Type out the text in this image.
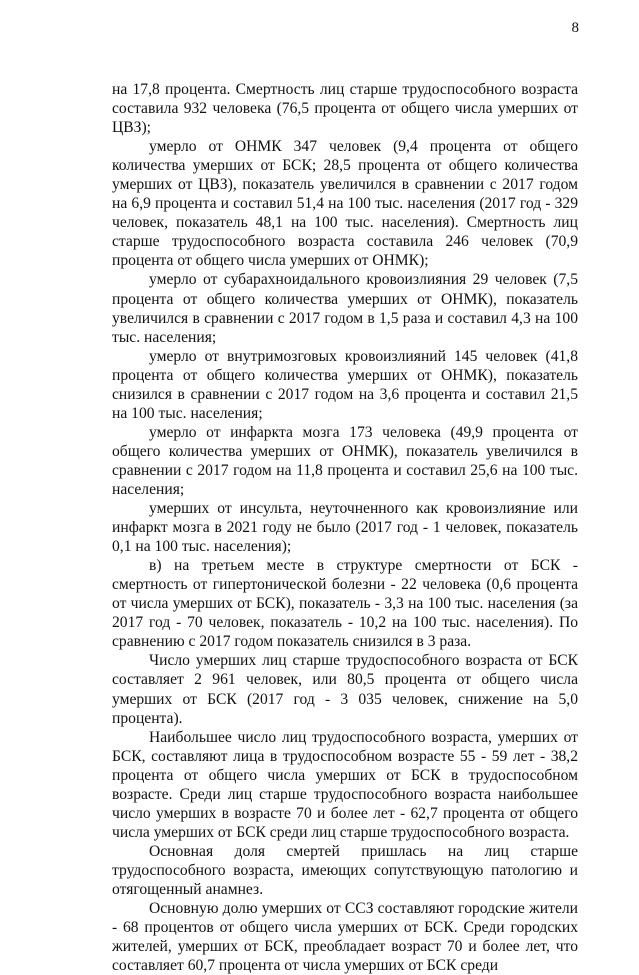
8

на 17,8 процента. Смертность лиц старше трудоспособного возраста составила 932 человека (76,5 процента от общего числа умерших от ЦВЗ);

умерло от ОНМК 347 человек (9,4 процента от общего количества умерших от БСК; 28,5 процента от общего количества умерших от ЦВЗ), показатель увеличился в сравнении с 2017 годом на 6,9 процента и составил 51,4 на 100 тыс. населения (2017 год - 329 человек, показатель 48,1 на 100 тыс. населения). Смертность лиц старше трудоспособного возраста составила 246 человек (70,9 процента от общего числа умерших от ОНМК);

умерло от субарахноидального кровоизлияния 29 человек (7,5 процента от общего количества умерших от ОНМК), показатель увеличился в сравнении с 2017 годом в 1,5 раза и составил 4,3 на 100 тыс. населения;

умерло от внутримозговых кровоизлияний 145 человек (41,8 процента от общего количества умерших от ОНМК), показатель снизился в сравнении с 2017 годом на 3,6 процента и составил 21,5 на 100 тыс. населения;

умерло от инфаркта мозга 173 человека (49,9 процента от общего количества умерших от ОНМК), показатель увеличился в сравнении с 2017 годом на 11,8 процента и составил 25,6 на 100 тыс. населения;

умерших от инсульта, неуточненного как кровоизлияние или инфаркт мозга в 2021 году не было (2017 год - 1 человек, показатель 0,1 на 100 тыс. населения);

в) на третьем месте в структуре смертности от БСК - смертность от гипертонической болезни - 22 человека (0,6 процента от числа умерших от БСК), показатель - 3,3 на 100 тыс. населения (за 2017 год - 70 человек, показатель - 10,2 на 100 тыс. населения). По сравнению с 2017 годом показатель снизился в 3 раза.

Число умерших лиц старше трудоспособного возраста от БСК составляет 2 961 человек, или 80,5 процента от общего числа умерших от БСК (2017 год - 3 035 человек, снижение на 5,0 процента).

Наибольшее число лиц трудоспособного возраста, умерших от БСК, составляют лица в трудоспособном возрасте 55 - 59 лет - 38,2 процента от общего числа умерших от БСК в трудоспособном возрасте. Среди лиц старше трудоспособного возраста наибольшее число умерших в возрасте 70 и более лет - 62,7 процента от общего числа умерших от БСК среди лиц старше трудоспособного возраста.

Основная доля смертей пришлась на лиц старше трудоспособного возраста, имеющих сопутствующую патологию и отягощенный анамнез.

Основную долю умерших от ССЗ составляют городские жители - 68 процентов от общего числа умерших от БСК. Среди городских жителей, умерших от БСК, преобладает возраст 70 и более лет, что составляет 60,7 процента от числа умерших от БСК среди
